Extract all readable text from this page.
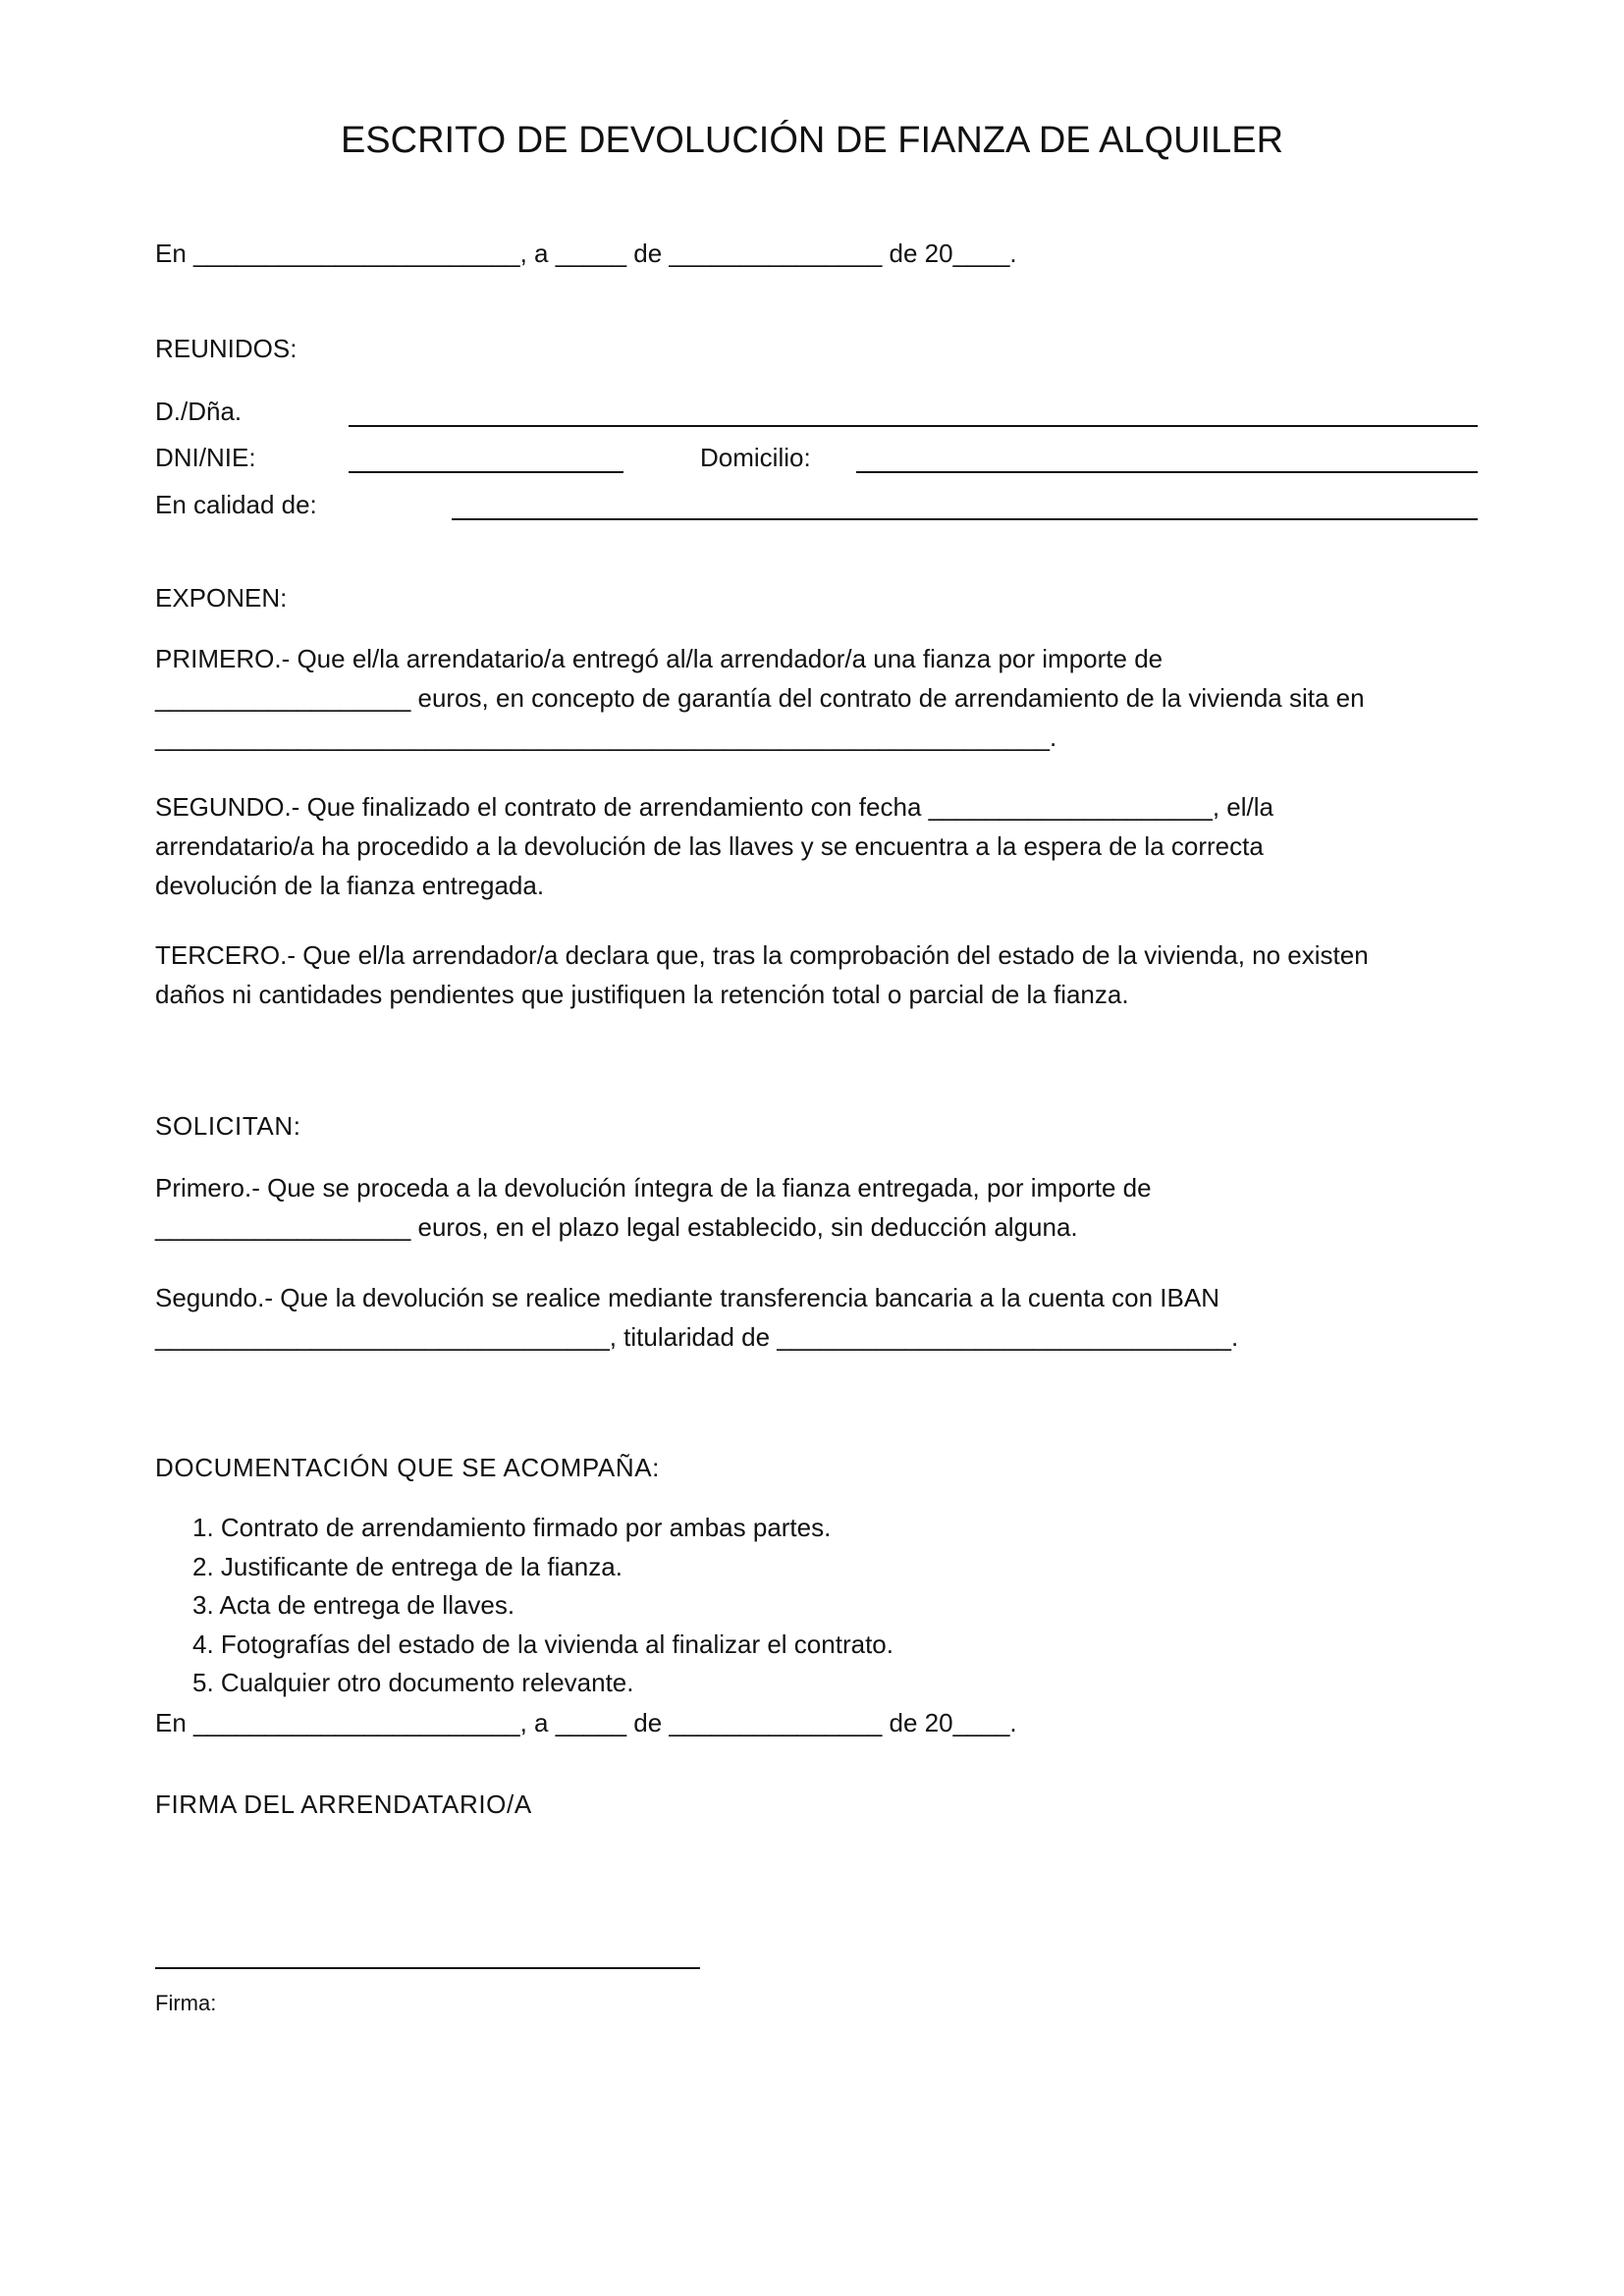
ESCRITO DE DEVOLUCIÓN DE FIANZA DE ALQUILER
En _______________________, a _____ de _______________ de 20____.
REUNIDOS:
D./Dña.
DNI/NIE:	Domicilio:
En calidad de:
EXPONEN:
PRIMERO.- Que el/la arrendatario/a entregó al/la arrendador/a una fianza por importe de
__________________ euros, en concepto de garantía del contrato de arrendamiento de la vivienda sita en
_______________________________________________________________.
SEGUNDO.- Que finalizado el contrato de arrendamiento con fecha ____________________, el/la
arrendatario/a ha procedido a la devolución de las llaves y se encuentra a la espera de la correcta
devolución de la fianza entregada.
TERCERO.- Que el/la arrendador/a declara que, tras la comprobación del estado de la vivienda, no existen
daños ni cantidades pendientes que justifiquen la retención total o parcial de la fianza.
SOLICITAN:
Primero.- Que se proceda a la devolución íntegra de la fianza entregada, por importe de
__________________ euros, en el plazo legal establecido, sin deducción alguna.
Segundo.- Que la devolución se realice mediante transferencia bancaria a la cuenta con IBAN
________________________________, titularidad de ________________________________.
DOCUMENTACIÓN QUE SE ACOMPAÑA:
1. Contrato de arrendamiento firmado por ambas partes.
2. Justificante de entrega de la fianza.
3. Acta de entrega de llaves.
4. Fotografías del estado de la vivienda al finalizar el contrato.
5. Cualquier otro documento relevante.
En _______________________, a _____ de _______________ de 20____.
FIRMA DEL ARRENDATARIO/A
Firma:
